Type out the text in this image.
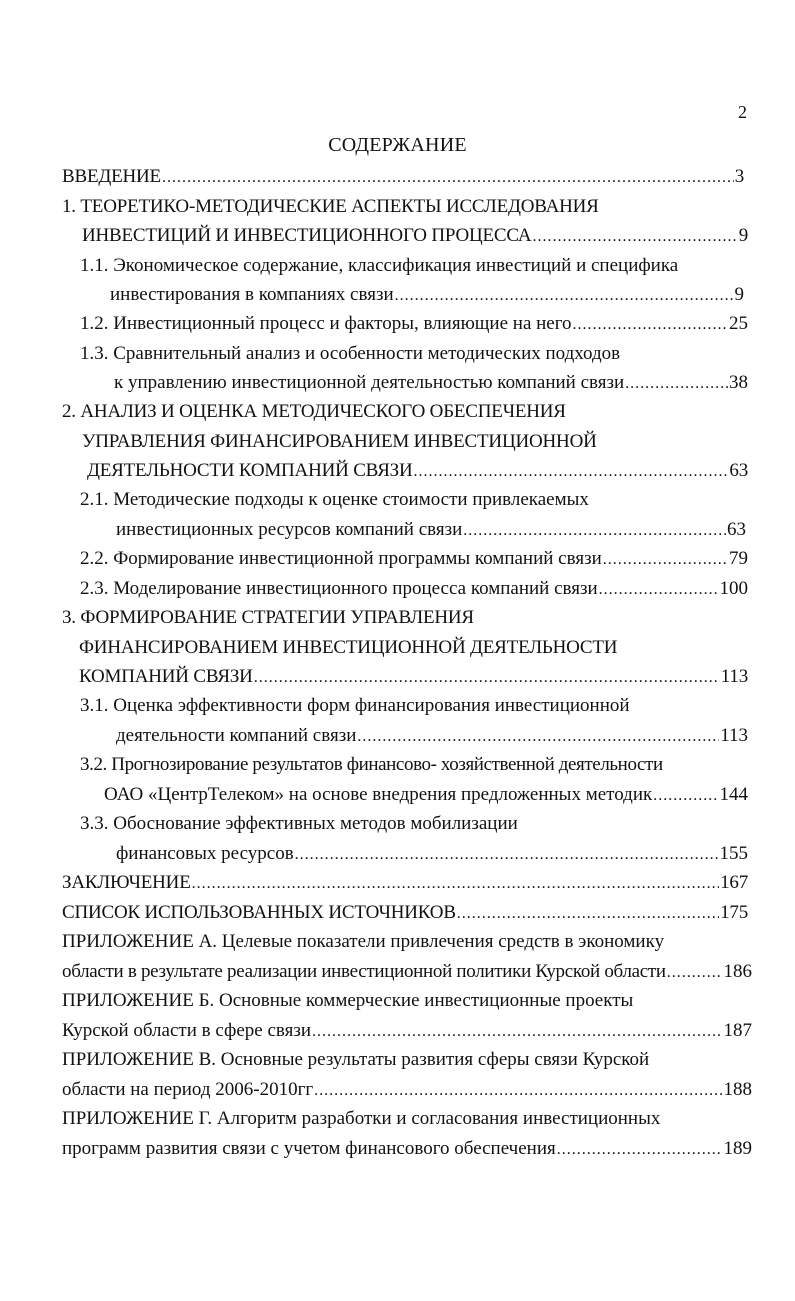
2
СОДЕРЖАНИЕ
ВВЕДЕНИЕ .....	3
1. ТЕОРЕТИКО-МЕТОДИЧЕСКИЕ АСПЕКТЫ ИССЛЕДОВАНИЯ
ИНВЕСТИЦИЙ И ИНВЕСТИЦИОННОГО ПРОЦЕССА .....	9
1.1. Экономическое содержание, классификация инвестиций и специфика
инвестирования в компаниях связи .....	9
1.2. Инвестиционный процесс и факторы, влияющие на него .....	25
1.3. Сравнительный анализ и особенности методических подходов
к управлению инвестиционной деятельностью компаний связи .....	38
2. АНАЛИЗ И ОЦЕНКА МЕТОДИЧЕСКОГО ОБЕСПЕЧЕНИЯ
УПРАВЛЕНИЯ ФИНАНСИРОВАНИЕМ ИНВЕСТИЦИОННОЙ
ДЕЯТЕЛЬНОСТИ КОМПАНИЙ СВЯЗИ .....	63
2.1. Методические подходы к оценке стоимости привлекаемых
инвестиционных ресурсов компаний связи .....	63
2.2. Формирование инвестиционной программы компаний связи .....	79
2.3. Моделирование инвестиционного процесса компаний связи .....	100
3. ФОРМИРОВАНИЕ СТРАТЕГИИ УПРАВЛЕНИЯ
ФИНАНСИРОВАНИЕМ ИНВЕСТИЦИОННОЙ ДЕЯТЕЛЬНОСТИ
КОМПАНИЙ СВЯЗИ .....	113
3.1. Оценка эффективности форм финансирования инвестиционной
деятельности компаний связи .....	113
3.2. Прогнозирование результатов финансово- хозяйственной деятельности
ОАО «ЦентрТелеком» на основе внедрения предложенных методик .....	144
3.3. Обоснование эффективных методов мобилизации
финансовых ресурсов .....	155
ЗАКЛЮЧЕНИЕ .....	167
СПИСОК ИСПОЛЬЗОВАННЫХ ИСТОЧНИКОВ .....	175
ПРИЛОЖЕНИЕ А. Целевые показатели привлечения средств в экономику
области в результате реализации инвестиционной политики Курской области .....	186
ПРИЛОЖЕНИЕ Б. Основные коммерческие инвестиционные проекты
Курской области в сфере связи .....	187
ПРИЛОЖЕНИЕ В. Основные результаты развития сферы связи Курской
области на период 2006-2010гг .....	188
ПРИЛОЖЕНИЕ Г. Алгоритм разработки и согласования инвестиционных
программ развития связи с учетом финансового обеспечения .....	189
